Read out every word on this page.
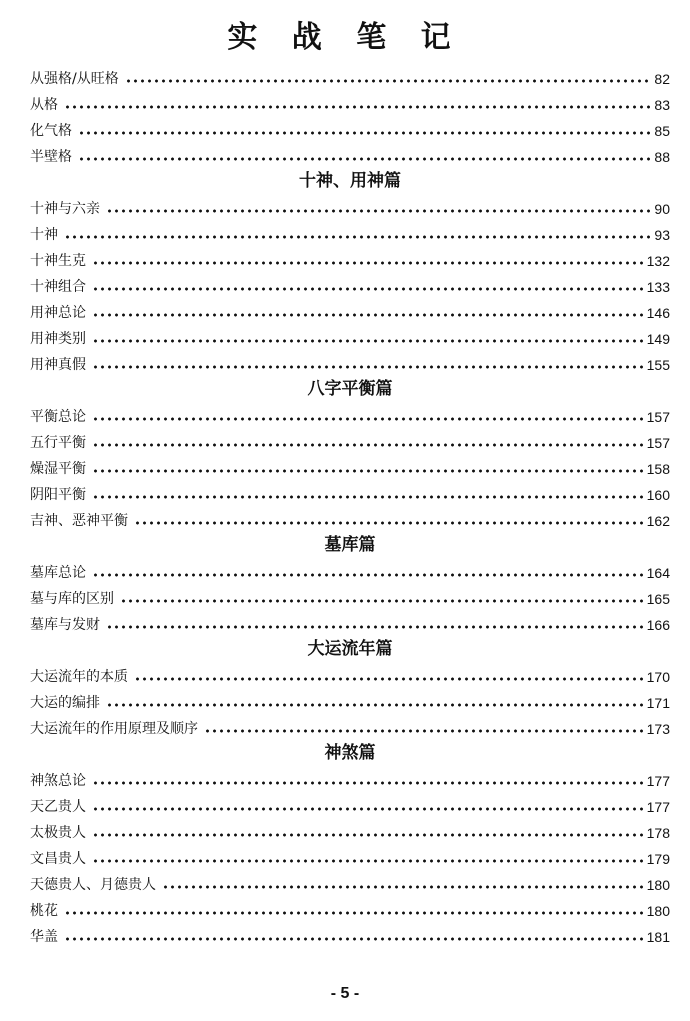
实 战 笔 记
从强格/从旺格	82
从格	83
化气格	85
半壁格	88
十神、用神篇
十神与六亲	90
十神	93
十神生克	132
十神组合	133
用神总论	146
用神类别	149
用神真假	155
八字平衡篇
平衡总论	157
五行平衡	157
燥湿平衡	158
阴阳平衡	160
吉神、恶神平衡	162
墓库篇
墓库总论	164
墓与库的区别	165
墓库与发财	166
大运流年篇
大运流年的本质	170
大运的编排	171
大运流年的作用原理及顺序	173
神煞篇
神煞总论	177
天乙贵人	177
太极贵人	178
文昌贵人	179
天德贵人、月德贵人	180
桃花	180
华盖	181
- 5 -
